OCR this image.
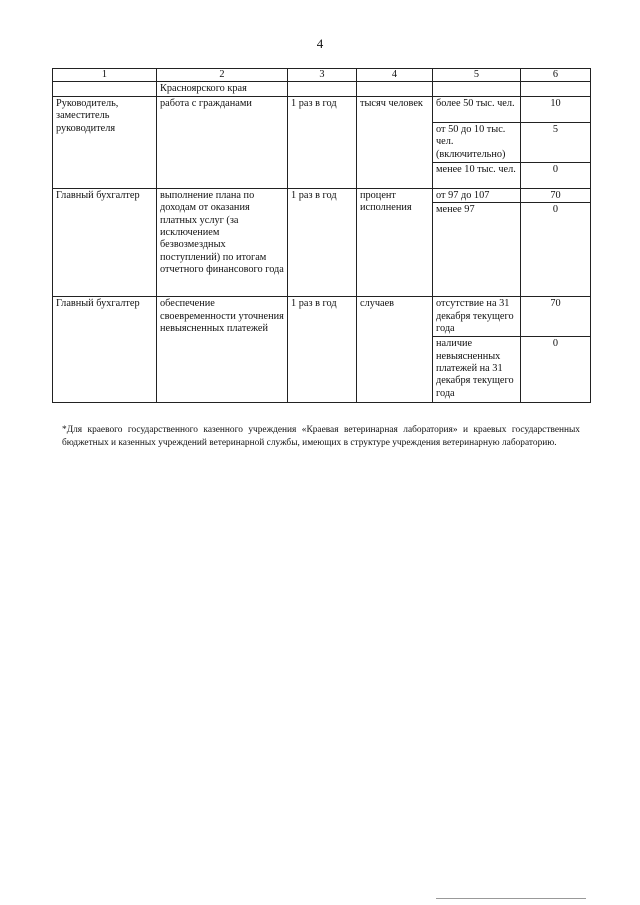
4
1	2	3	4	5	6
	Красноярского края				
Руководитель, заместитель руководителя	работа с гражданами	1 раз в год	тысяч человек	более 50 тыс. чел.	10
				от 50 до 10 тыс. чел. (включительно)	5
				менее 10 тыс. чел.	0
Главный бухгалтер	выполнение плана по доходам от оказания платных услуг (за исключением безвозмездных поступлений) по итогам отчетного финансового года	1 раз в год	процент исполнения	от 97 до 107	70
				менее 97	0
Главный бухгалтер	обеспечение своевременности уточнения невыясненных платежей	1 раз в год	случаев	отсутствие на 31 декабря текущего года	70
				наличие невыясненных платежей на 31 декабря текущего года	0
*Для краевого государственного казенного учреждения «Краевая ветеринарная лаборатория» и краевых государственных бюджетных и казенных учреждений ветеринарной службы, имеющих в структуре учреждения ветеринарную лабораторию.
